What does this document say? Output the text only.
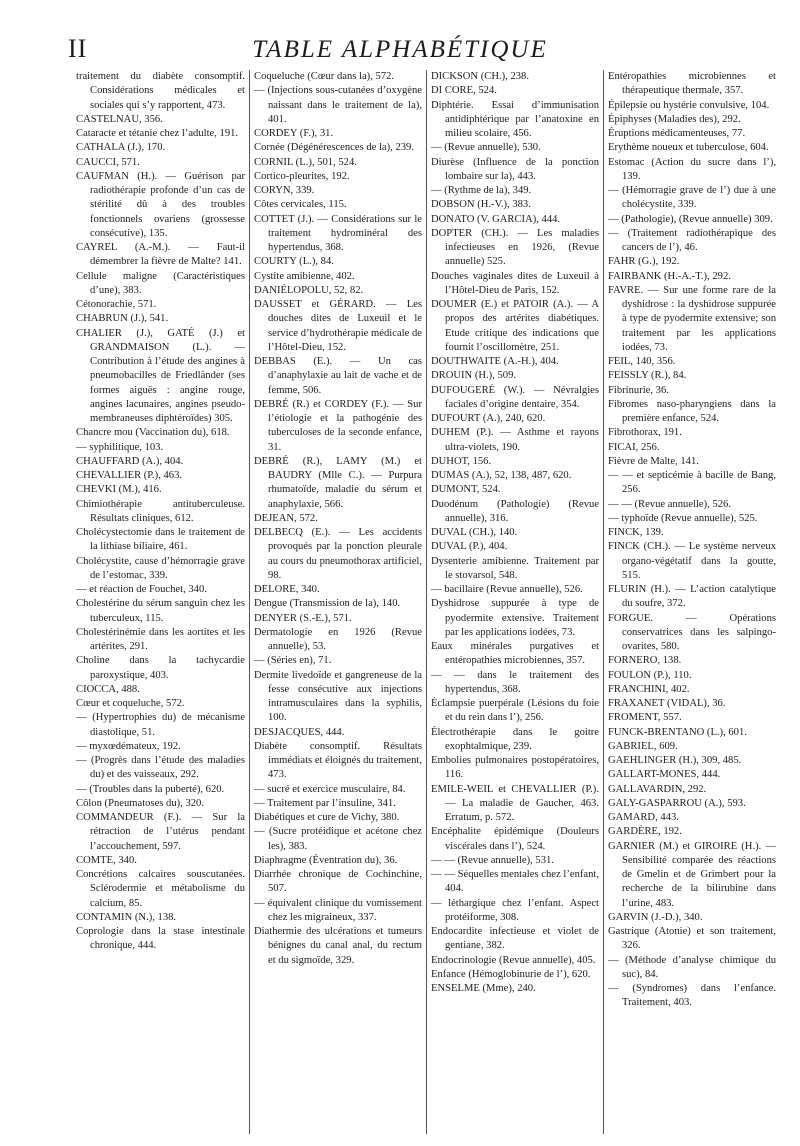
II	TABLE ALPHABÉTIQUE
traitement du diabète consomptif. Considérations médicales et sociales qui s’y rapportent, 473.
CASTELNAU, 356.
Cataracte et tétanie chez l’adulte, 191.
CATHALA (J.), 170.
CAUCCI, 571.
CAUFMAN (H.). — Guérison par radiothérapie profonde d’un cas de stérilité dû à des troubles fonctionnels ovariens (grossesse consécutive), 135.
CAYREL (A.-M.). — Faut-il démembrer la fièvre de Malte? 141.
Cellule maligne (Caractéristiques d’une), 383.
Cétonorachie, 571.
CHABRUN (J.), 541.
CHALIER (J.), GATÉ (J.) et GRANDMAISON (L.). — Contribution à l’étude des angines à pneumobacilles de Friedländer (ses formes aiguës : angine rouge, angines lacunaires, angines pseudo-membraneuses diphtéroïdes) 305.
Chancre mou (Vaccination du), 618.
— syphilitique, 103.
CHAUFFARD (A.), 404.
CHEVALLIER (P.), 463.
CHEVKI (M.), 416.
Chimiothérapie antituberculeuse. Résultats cliniques, 612.
Cholécystectomie dans le traitement de la lithiase biliaire, 461.
Cholécystite, cause d’hémorragie grave de l’estomac, 339.
— et réaction de Fouchet, 340.
Cholestérine du sérum sanguin chez les tuberculeux, 115.
Cholestérinémie dans les aortites et les artérites, 291.
Choline dans la tachycardie paroxystique, 403.
CIOCCA, 488.
Cœur et coqueluche, 572.
— (Hypertrophies du) de mécanisme diastolique, 51.
— myxœdémateux, 192.
— (Progrès dans l’étude des maladies du) et des vaisseaux, 292.
— (Troubles dans la puberté), 620.
Côlon (Pneumatoses du), 320.
COMMANDEUR (F.). — Sur la rétraction de l’utérus pendant l’accouchement, 597.
COMTE, 340.
Concrétions calcaires souscutanées. Sclérodermie et métabolisme du calcium, 85.
CONTAMIN (N.), 138.
Coprologie dans la stase intestinale chronique, 444.
Coqueluche (Cœur dans la), 572.
— (Injections sous-cutanées d’oxygène naissant dans le traitement de la), 401.
CORDEY (F.), 31.
Cornée (Dégénérescences de la), 239.
CORNIL (L.), 501, 524.
Cortico-pleurites, 192.
CORYN, 339.
Côtes cervicales, 115.
COTTET (J.). — Considérations sur le traitement hydrominéral des hypertendus, 368.
COURTY (L.), 84.
Cystite amibienne, 402.
DANIÉLOPOLU, 52, 82.
DAUSSET et GÉRARD. — Les douches dites de Luxeuil et le service d’hydrothérapie médicale de l’Hôtel-Dieu, 152.
DEBBAS (E.). — Un cas d’anaphylaxie au lait de vache et de femme, 506.
DEBRÉ (R.) et CORDEY (F.). — Sur l’étiologie et la pathogénie des tuberculoses de la seconde enfance, 31.
DEBRÉ (R.), LAMY (M.) et BAUDRY (Mlle C.). — Purpura rhumatoïde, maladie du sérum et anaphylaxie, 566.
DEJEAN, 572.
DELBECQ (E.). — Les accidents provoqués par la ponction pleurale au cours du pneumothorax artificiel, 98.
DELORE, 340.
Dengue (Transmission de la), 140.
DENYER (S.-E.), 571.
Dermatologie en 1926 (Revue annuelle), 53.
— (Séries en), 71.
Dermite livedoïde et gangreneuse de la fesse consécutive aux injections intramusculaires dans la syphilis, 100.
DESJACQUES, 444.
Diabète consomptif. Résultats immédiats et éloignés du traitement, 473.
— sucré et exercice musculaire, 84.
— Traitement par l’insuline, 341.
Diabétiques et cure de Vichy, 380.
— (Sucre protéidique et acétone chez les), 383.
Diaphragme (Éventration du), 36.
Diarrhée chronique de Cochinchine, 507.
— équivalent clinique du vomissement chez les migraineux, 337.
Diathermie des ulcérations et tumeurs bénignes du canal anal, du rectum et du sigmoïde, 329.
DICKSON (CH.), 238.
DI CORE, 524.
Diphtérie. Essai d’immunisation antidiphtérique par l’anatoxine en milieu scolaire, 456.
— (Revue annuelle), 530.
Diurèse (Influence de la ponction lombaire sur la), 443.
— (Rythme de la), 349.
DOBSON (H.-V.), 383.
DONATO (V. GARCIA), 444.
DOPTER (CH.). — Les maladies infectieuses en 1926, (Revue annuelle) 525.
Douches vaginales dites de Luxeuil à l’Hôtel-Dieu de Paris, 152.
DOUMER (E.) et PATOIR (A.). — A propos des artérites diabétiques. Etude critique des indications que fournit l’oscillomètre, 251.
DOUTHWAITE (A.-H.), 404.
DROUIN (H.), 509.
DUFOUGERÉ (W.). — Névralgies faciales d’origine dentaire, 354.
DUFOURT (A.), 240, 620.
DUHEM (P.). — Asthme et rayons ultra-violets, 190.
DUHOT, 156.
DUMAS (A.), 52, 138, 487, 620.
DUMONT, 524.
Duodénum (Pathologie) (Revue annuelle), 316.
DUVAL (CH.), 140.
DUVAL (P.), 404.
Dysenterie amibienne. Traitement par le stovarsol, 548.
— bacillaire (Revue annuelle), 526.
Dyshidrose suppurée à type de pyodermite extensive. Traitement par les applications iodées, 73.
Eaux minérales purgatives et entéropathies microbiennes, 357.
— — dans le traitement des hypertendus, 368.
Éclampsie puerpérale (Lésions du foie et du rein dans l’), 256.
Électrothérapie dans le goitre exophtalmique, 239.
Embolies pulmonaires postopératoires, 116.
EMILE-WEIL et CHEVALLIER (P.). — La maladie de Gaucher, 463. Erratum, p. 572.
Encéphalite épidémique (Douleurs viscérales dans l’), 524.
— — (Revue annuelle), 531.
— — Séquelles mentales chez l’enfant, 404.
— léthargique chez l’enfant. Aspect protéiforme, 308.
Endocardite infectieuse et violet de gentiane, 382.
Endocrinologie (Revue annuelle), 405.
Enfance (Hémoglobinurie de l’), 620.
ENSELME (Mme), 240.
Entéropathies microbiennes et thérapeutique thermale, 357.
Épilepsie ou hystérie convulsive, 104.
Épiphyses (Maladies des), 292.
Éruptions médicamenteuses, 77.
Erythème noueux et tuberculose, 604.
Estomac (Action du sucre dans l’), 139.
— (Hémorragie grave de l’) due à une cholécystite, 339.
— (Pathologie), (Revue annuelle) 309.
— (Traitement radiothérapique des cancers de l’), 46.
FAHR (G.), 192.
FAIRBANK (H.-A.-T.), 292.
FAVRE. — Sur une forme rare de la dyshidrose : la dyshidrose suppurée à type de pyodermite extensive; son traitement par les applications iodées, 73.
FEIL, 140, 356.
FEISSLY (R.), 84.
Fibrinurie, 36.
Fibromes naso-pharyngiens dans la première enfance, 524.
Fibrothorax, 191.
FICAI, 256.
Fièvre de Malte, 141.
— — et septicémie à bacille de Bang, 256.
— — (Revue annuelle), 526.
— typhoïde (Revue annuelle), 525.
FINCK, 139.
FINCK (CH.). — Le système nerveux organo-végétatif dans la goutte, 515.
FLURIN (H.). — L’action catalytique du soufre, 372.
FORGUE. — Opérations conservatrices dans les salpingo-ovarites, 580.
FORNERO, 138.
FOULON (P.), 110.
FRANCHINI, 402.
FRAXANET (VIDAL), 36.
FROMENT, 557.
FUNCK-BRENTANO (L.), 601.
GABRIEL, 609.
GAEHLINGER (H.), 309, 485.
GALLART-MONES, 444.
GALLAVARDIN, 292.
GALY-GASPARROU (A.), 593.
GAMARD, 443.
GARDÈRE, 192.
GARNIER (M.) et GIROIRE (H.). — Sensibilité comparée des réactions de Gmelin et de Grimbert pour la recherche de la bilirubine dans l’urine, 483.
GARVIN (J.-D.), 340.
Gastrique (Atonie) et son traitement, 326.
— (Méthode d’analyse chimique du suc), 84.
— (Syndromes) dans l’enfance. Traitement, 403.
